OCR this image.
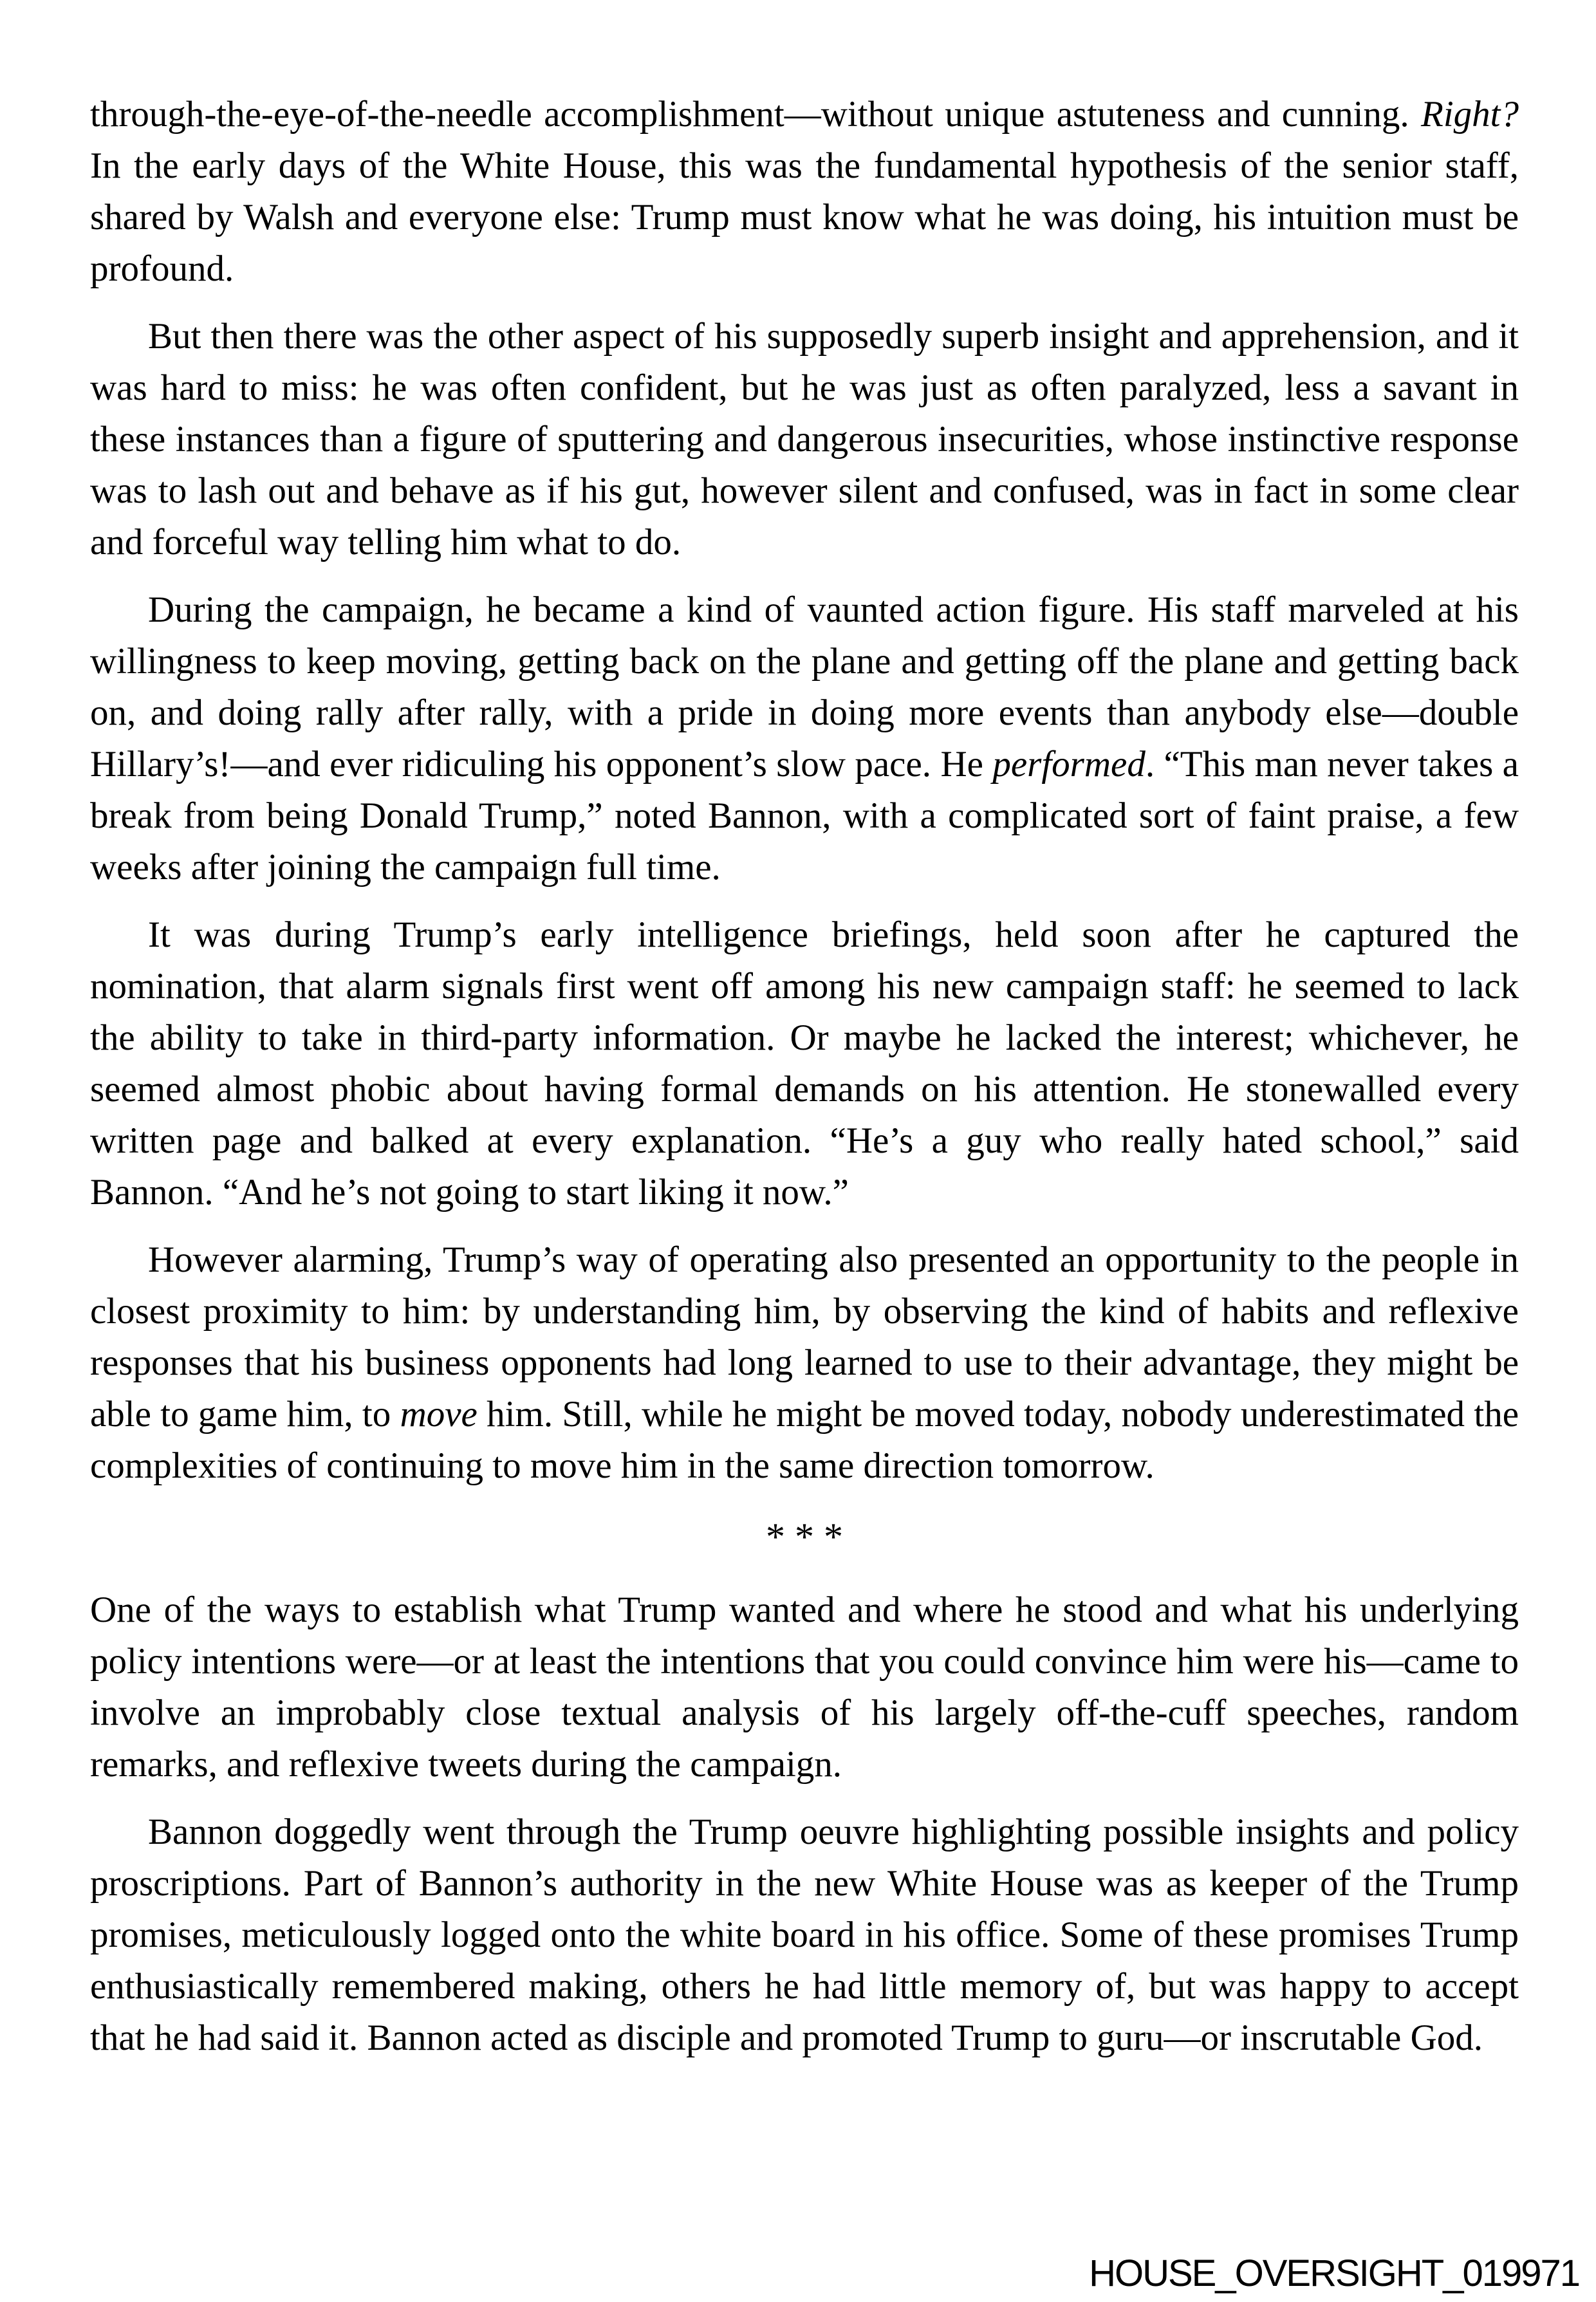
through-the-eye-of-the-needle accomplishment—without unique astuteness and cunning. Right? In the early days of the White House, this was the fundamental hypothesis of the senior staff, shared by Walsh and everyone else: Trump must know what he was doing, his intuition must be profound.

But then there was the other aspect of his supposedly superb insight and apprehension, and it was hard to miss: he was often confident, but he was just as often paralyzed, less a savant in these instances than a figure of sputtering and dangerous insecurities, whose instinctive response was to lash out and behave as if his gut, however silent and confused, was in fact in some clear and forceful way telling him what to do.

During the campaign, he became a kind of vaunted action figure. His staff marveled at his willingness to keep moving, getting back on the plane and getting off the plane and getting back on, and doing rally after rally, with a pride in doing more events than anybody else—double Hillary’s!—and ever ridiculing his opponent’s slow pace. He performed. “This man never takes a break from being Donald Trump,” noted Bannon, with a complicated sort of faint praise, a few weeks after joining the campaign full time.

It was during Trump’s early intelligence briefings, held soon after he captured the nomination, that alarm signals first went off among his new campaign staff: he seemed to lack the ability to take in third-party information. Or maybe he lacked the interest; whichever, he seemed almost phobic about having formal demands on his attention. He stonewalled every written page and balked at every explanation. “He’s a guy who really hated school,” said Bannon. “And he’s not going to start liking it now.”

However alarming, Trump’s way of operating also presented an opportunity to the people in closest proximity to him: by understanding him, by observing the kind of habits and reflexive responses that his business opponents had long learned to use to their advantage, they might be able to game him, to move him. Still, while he might be moved today, nobody underestimated the complexities of continuing to move him in the same direction tomorrow.

* * *

One of the ways to establish what Trump wanted and where he stood and what his underlying policy intentions were—or at least the intentions that you could convince him were his—came to involve an improbably close textual analysis of his largely off-the-cuff speeches, random remarks, and reflexive tweets during the campaign.

Bannon doggedly went through the Trump oeuvre highlighting possible insights and policy proscriptions. Part of Bannon’s authority in the new White House was as keeper of the Trump promises, meticulously logged onto the white board in his office. Some of these promises Trump enthusiastically remembered making, others he had little memory of, but was happy to accept that he had said it. Bannon acted as disciple and promoted Trump to guru—or inscrutable God.

HOUSE_OVERSIGHT_019971
